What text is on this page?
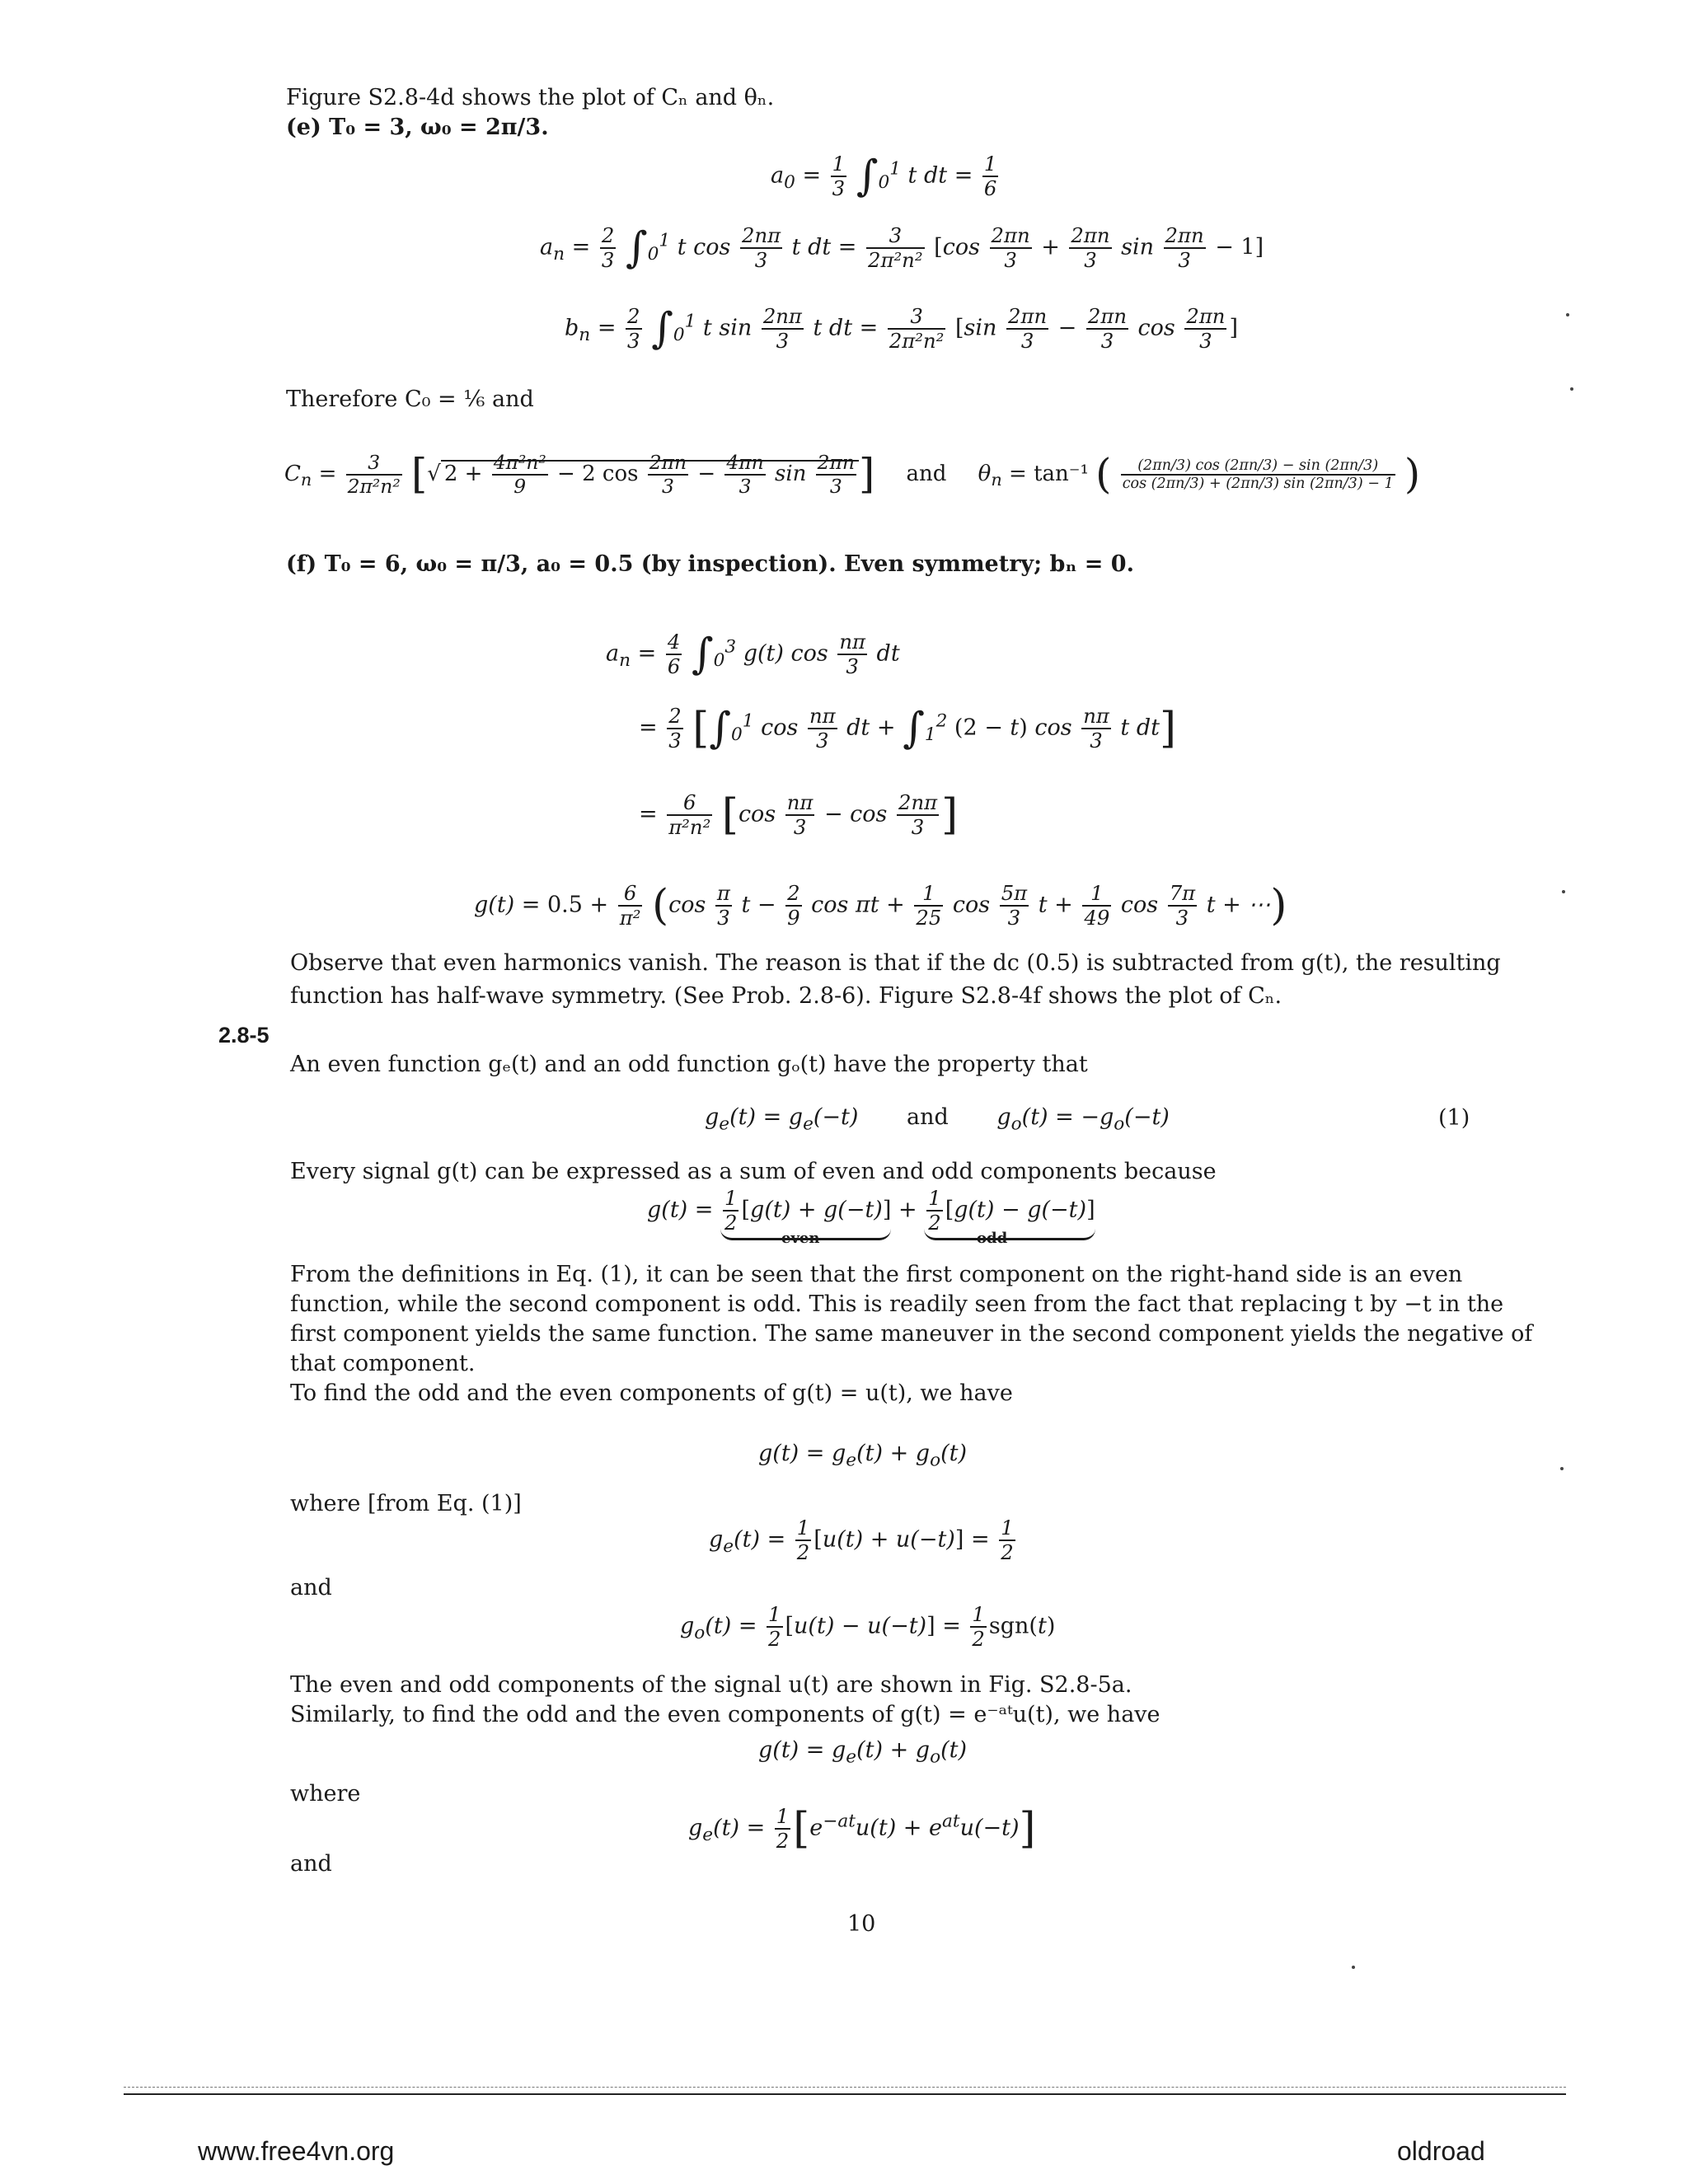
Figure S2.8-4d shows the plot of Cₙ and θₙ.
(e) T₀ = 3, ω₀ = 2π/3.
$a_0 = \frac{1}{3} \int_0^1$ t dt = $\frac{1}{6}$
$a_n = \frac{2}{3} \int_0^1$ t $\cos \frac{2n\pi}{3}$ t dt = $\frac{3}{\text{2π²n²}} [\cos \frac{2\pi n}{3} + \frac{2\pi n}{3}$ $\sin \frac{2\pi n}{3} - 1$]
$b_n = \frac{2}{3} \int_0^1$ t $\sin \frac{2n\pi}{3}$ t dt = $\frac{3}{\text{2π²n²}} [\sin \frac{2\pi n}{3} - \frac{2\pi n}{3}$ $\cos \frac{2\pi n}{3}$ ]
Therefore C₀ = ⅙ and
$C_n = \frac{3}{\text{2π²n²}}$ [√ $2 + \frac{\text{4π²n²}}{9} - 2$ $\cos \frac{2\pi n}{3} - \frac{4\pi n}{3}$ $\sin \frac{2\pi n}{3}$ ] and $\theta_n = \tan^{-1}$ ( $\frac{(2\pi n/3) \cos (2\pi n/3) - \sin (2\pi n/3)}{\cos (2\pi n/3) + (2\pi n/3) \sin (2\pi n/3) - 1}$ )
(f) T₀ = 6, ω₀ = π/3, a₀ = 0.5 (by inspection). Even symmetry; bₙ = 0.
$a_n = \frac{4}{6} \int_0^3$ g(t) $\cos \frac{n\pi}{3}$ dt
= $\frac{2}{3} [\int_0^1$ $\cos \frac{n\pi}{3}$ dt + $\int_1^2$ (2 − t) $\cos \frac{n\pi}{3}$ t dt]
= $\frac{6}{\text{π²n²}} [\cos \frac{n\pi}{3} - \cos \frac{2n\pi}{3}$ ]
$g(t) = 0.5 + \frac{6}{\text{π²}} (\cos \frac{\pi}{3}$ $t - \frac{2}{9}$ $\cos \pi t + \frac{1}{25}$ $\cos \frac{5\pi}{3}$ $t + \frac{1}{49}$ $\cos \frac{7\pi}{3}$ t + ⋯)
Observe that even harmonics vanish. The reason is that if the dc (0.5) is subtracted from g(t), the resulting
function has half-wave symmetry. (See Prob. 2.8-6). Figure S2.8-4f shows the plot of Cₙ.
2.8-5
An even function gₑ(t) and an odd function gₒ(t) have the property that
$g_e(t) = g_e(-t)$ and $g_o(t) = -g_o(-t)$	(1)
Every signal g(t) can be expressed as a sum of even and odd components because
$g(t) = \frac{1}{2} [g(t) + g(-t)] + \frac{1}{2} [g(t) - g(-t)]$
even	odd
From the definitions in Eq. (1), it can be seen that the first component on the right-hand side is an even
function, while the second component is odd. This is readily seen from the fact that replacing t by −t in the
first component yields the same function. The same maneuver in the second component yields the negative of
that component.
To find the odd and the even components of g(t) = u(t), we have
$g(t) = g_e(t) + g_o(t)$
where [from Eq. (1)]
$g_e(t) = \frac{1}{2} [u(t) + u(-t)] = \frac{1}{2}$
and
$g_o(t) = \frac{1}{2} [u(t) - u(-t)] = \frac{1}{2} sgn(t)$
The even and odd components of the signal u(t) are shown in Fig. S2.8-5a.
Similarly, to find the odd and the even components of g(t) = e⁻ᵃᵗu(t), we have
$g(t) = g_e(t) + g_o(t)$
where
$g_e(t) = \frac{1}{2} [e^{-at}u(t) + e^{at}u(-t)]$
and
10
www.free4vn.org	oldroad
